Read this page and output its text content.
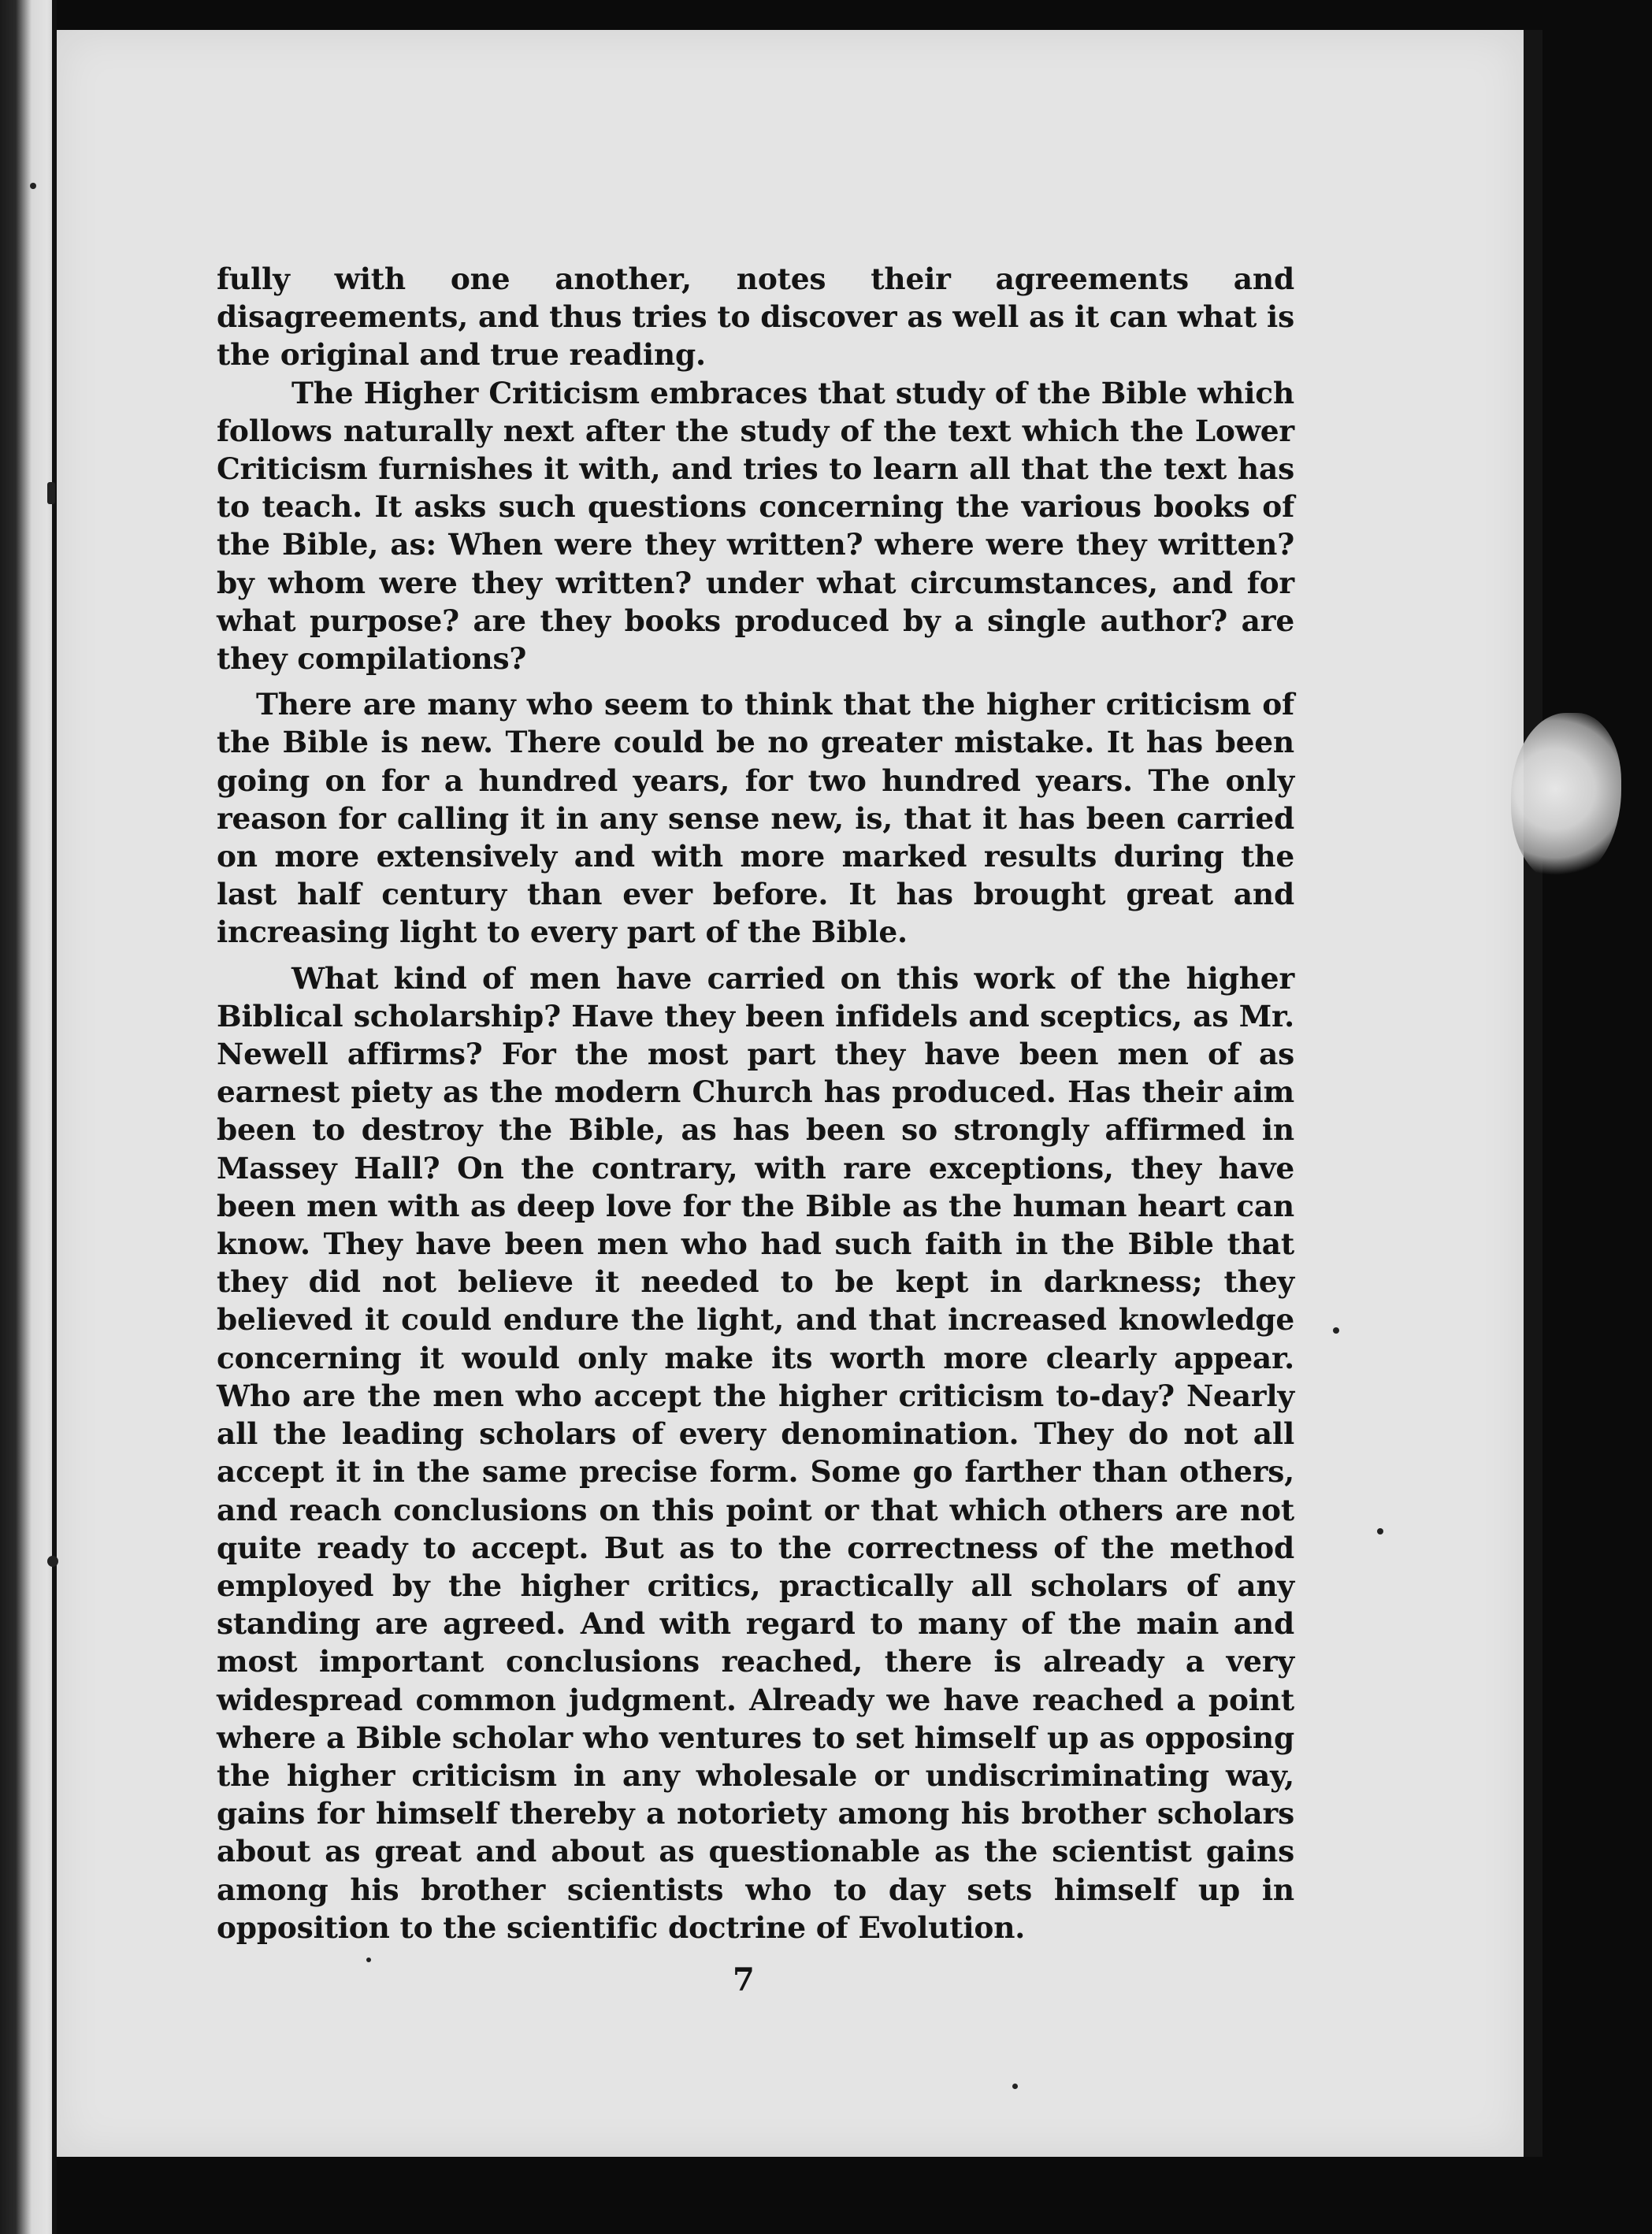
fully with one another, notes their agreements and disagreements, and thus tries to discover as well as it can what is the original and true reading.

The Higher Criticism embraces that study of the Bible which follows naturally next after the study of the text which the Lower Criticism furnishes it with, and tries to learn all that the text has to teach. It asks such questions concerning the various books of the Bible, as: When were they written? where were they written? by whom were they written? under what circumstances, and for what purpose? are they books produced by a single author? are they compilations?

There are many who seem to think that the higher criticism of the Bible is new. There could be no greater mistake. It has been going on for a hundred years, for two hundred years. The only reason for calling it in any sense new, is, that it has been carried on more extensively and with more marked results during the last half century than ever before. It has brought great and increasing light to every part of the Bible.

What kind of men have carried on this work of the higher Biblical scholarship? Have they been infidels and sceptics, as Mr. Newell affirms? For the most part they have been men of as earnest piety as the modern Church has produced. Has their aim been to destroy the Bible, as has been so strongly affirmed in Massey Hall? On the contrary, with rare exceptions, they have been men with as deep love for the Bible as the human heart can know. They have been men who had such faith in the Bible that they did not believe it needed to be kept in darkness; they believed it could endure the light, and that increased knowledge concerning it would only make its worth more clearly appear. Who are the men who accept the higher criticism to-day? Nearly all the leading scholars of every denomination. They do not all accept it in the same precise form. Some go farther than others, and reach conclusions on this point or that which others are not quite ready to accept. But as to the correctness of the method employed by the higher critics, practically all scholars of any standing are agreed. And with regard to many of the main and most important conclusions reached, there is already a very widespread common judgment. Already we have reached a point where a Bible scholar who ventures to set himself up as opposing the higher criticism in any wholesale or undiscriminating way, gains for himself thereby a notoriety among his brother scholars about as great and about as questionable as the scientist gains among his brother scientists who to day sets himself up in opposition to the scientific doctrine of Evolution.

7
